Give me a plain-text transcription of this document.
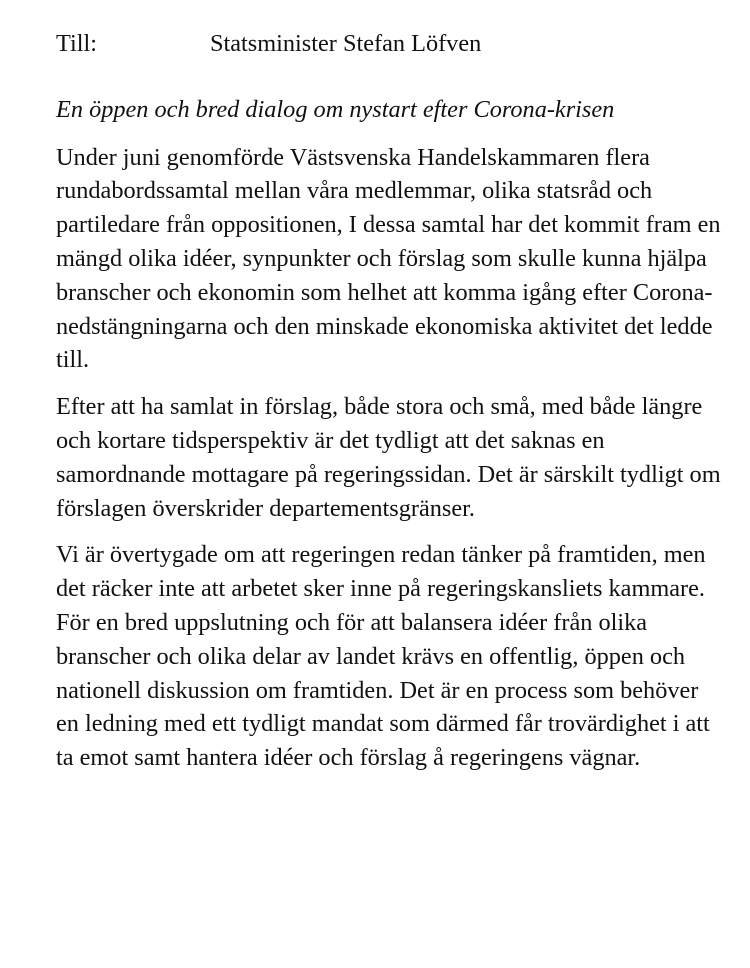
Till:	Statsminister Stefan Löfven
En öppen och bred dialog om nystart efter Corona-krisen

Under juni genomförde Västsvenska Handelskammaren flera rundabordssamtal mellan våra medlemmar, olika statsråd och partiledare från oppositionen, I dessa samtal har det kommit fram en mängd olika idéer, synpunkter och förslag som skulle kunna hjälpa branscher och ekonomin som helhet att komma igång efter Corona-nedstängningarna och den minskade ekonomiska aktivitet det ledde till.

Efter att ha samlat in förslag, både stora och små, med både längre och kortare tidsperspektiv är det tydligt att det saknas en samordnande mottagare på regeringssidan. Det är särskilt tydligt om förslagen överskrider departementsgränser.

Vi är övertygade om att regeringen redan tänker på framtiden, men det räcker inte att arbetet sker inne på regeringskansliets kammare. För en bred uppslutning och för att balansera idéer från olika branscher och olika delar av landet krävs en offentlig, öppen och nationell diskussion om framtiden. Det är en process som behöver en ledning med ett tydligt mandat som därmed får trovärdighet i att ta emot samt hantera idéer och förslag å regeringens vägnar.
